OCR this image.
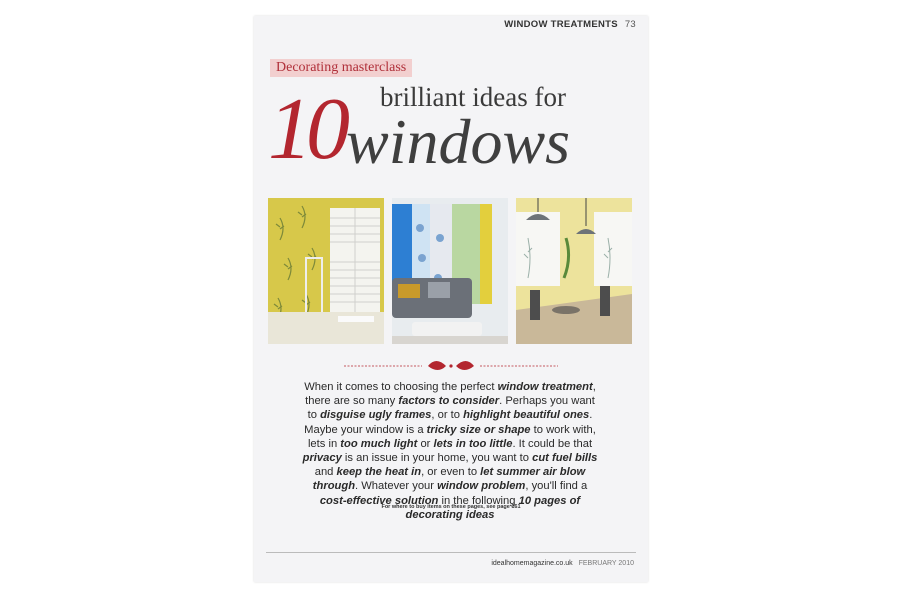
WINDOW TREATMENTS 73
Decorating masterclass
brilliant ideas for
10 windows
When it comes to choosing the perfect window treatment, there are so many factors to consider. Perhaps you want to disguise ugly frames, or to highlight beautiful ones. Maybe your window is a tricky size or shape to work with, lets in too much light or lets in too little. It could be that privacy is an issue in your home, you want to cut fuel bills and keep the heat in, or even to let summer air blow through. Whatever your window problem, you'll find a cost-effective solution in the following 10 pages of decorating ideas
For where to buy items on these pages, see page 161
idealhomemagazine.co.uk FEBRUARY 2010
